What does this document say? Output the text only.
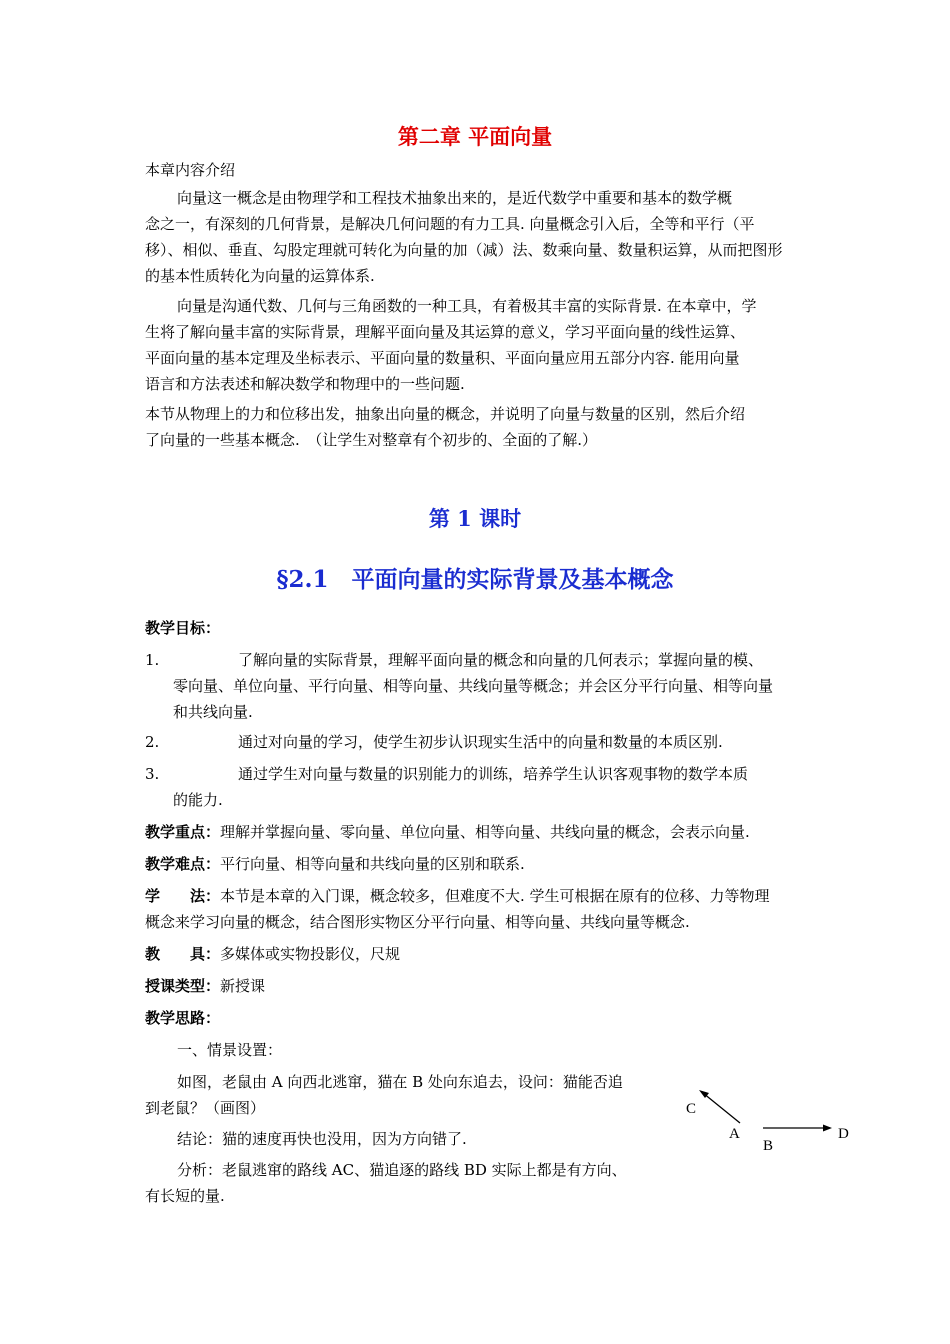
第二章 平面向量
本章内容介绍
向量这一概念是由物理学和工程技术抽象出来的，是近代数学中重要和基本的数学概
念之一，有深刻的几何背景，是解决几何问题的有力工具. 向量概念引入后，全等和平行（平
移）、相似、垂直、勾股定理就可转化为向量的加（减）法、数乘向量、数量积运算，从而把图形
的基本性质转化为向量的运算体系.
向量是沟通代数、几何与三角函数的一种工具，有着极其丰富的实际背景. 在本章中，学
生将了解向量丰富的实际背景，理解平面向量及其运算的意义，学习平面向量的线性运算、
平面向量的基本定理及坐标表示、平面向量的数量积、平面向量应用五部分内容. 能用向量
语言和方法表述和解决数学和物理中的一些问题.
本节从物理上的力和位移出发，抽象出向量的概念，并说明了向量与数量的区别，然后介绍
了向量的一些基本概念.　（让学生对整章有个初步的、全面的了解.）
第 1 课时
§2.1　平面向量的实际背景及基本概念
教学目标：
1.	了解向量的实际背景，理解平面向量的概念和向量的几何表示；掌握向量的模、
零向量、单位向量、平行向量、相等向量、共线向量等概念；并会区分平行向量、相等向量
和共线向量.
2.	通过对向量的学习，使学生初步认识现实生活中的向量和数量的本质区别.
3.	通过学生对向量与数量的识别能力的训练，培养学生认识客观事物的数学本质
的能力.
教学重点：理解并掌握向量、零向量、单位向量、相等向量、共线向量的概念，会表示向量.
教学难点：平行向量、相等向量和共线向量的区别和联系.
学　　法：本节是本章的入门课，概念较多，但难度不大. 学生可根据在原有的位移、力等物理
概念来学习向量的概念，结合图形实物区分平行向量、相等向量、共线向量等概念.
教　　具：多媒体或实物投影仪，尺规
授课类型：新授课
教学思路：
一、情景设置：
如图，老鼠由 A 向西北逃窜，猫在 B 处向东追去，设问：猫能否追
到老鼠？（画图）
结论：猫的速度再快也没用，因为方向错了.
分析：老鼠逃窜的路线 AC、猫追逐的路线 BD 实际上都是有方向、
有长短的量.
C
A
B
D
